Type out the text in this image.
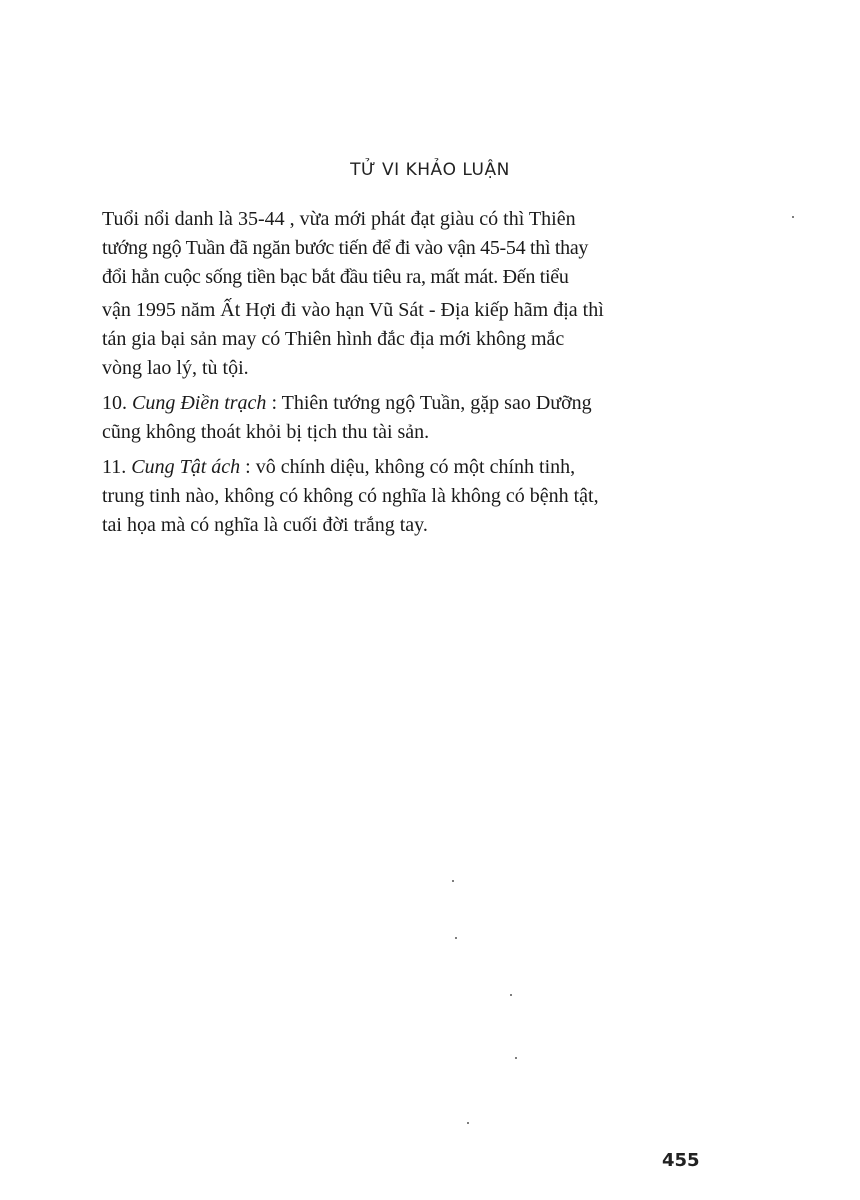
TỬ VI KHẢO LUẬN

Tuổi nổi danh là 35-44 , vừa mới phát đạt giàu có thì Thiên
tướng ngộ Tuần đã ngăn bước tiến để đi vào vận 45-54 thì thay
đổi hẳn cuộc sống tiền bạc bắt đầu tiêu ra, mất mát. Đến tiểu
vận 1995 năm Ất Hợi đi vào hạn Vũ Sát - Địa kiếp hãm địa thì
tán gia bại sản may có Thiên hình đắc địa mới không mắc
vòng lao lý, tù tội.

10. Cung Điền trạch : Thiên tướng ngộ Tuần, gặp sao Dưỡng
cũng không thoát khỏi bị tịch thu tài sản.

11. Cung Tật ách : vô chính diệu, không có một chính tinh,
trung tinh nào, không có không có nghĩa là không có bệnh tật,
tai họa mà có nghĩa là cuối đời trắng tay.

455
